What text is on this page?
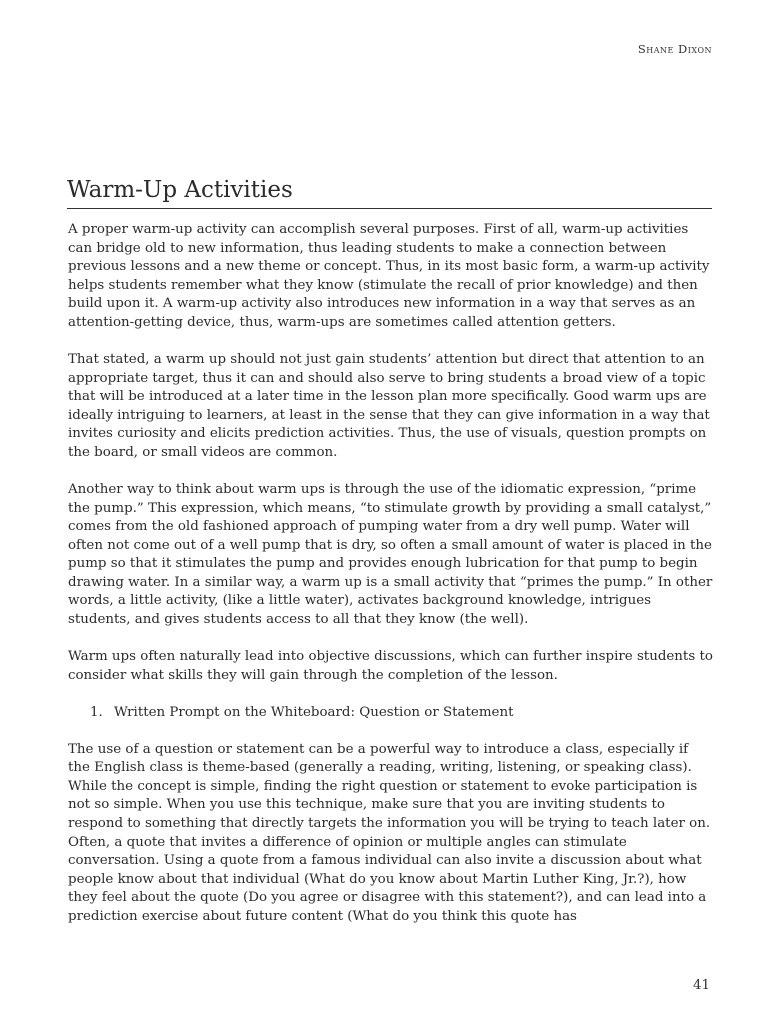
Shane Dixon
Warm-Up Activities

A proper warm-up activity can accomplish several purposes. First of all, warm-up activities can bridge old to new information, thus leading students to make a connection between previous lessons and a new theme or concept. Thus, in its most basic form, a warm-up activity helps students remember what they know (stimulate the recall of prior knowledge) and then build upon it. A warm-up activity also introduces new information in a way that serves as an attention-getting device, thus, warm-ups are sometimes called attention getters.

That stated, a warm up should not just gain students’ attention but direct that attention to an appropriate target, thus it can and should also serve to bring students a broad view of a topic that will be introduced at a later time in the lesson plan more specifically. Good warm ups are ideally intriguing to learners, at least in the sense that they can give information in a way that invites curiosity and elicits prediction activities. Thus, the use of visuals, question prompts on the board, or small videos are common.

Another way to think about warm ups is through the use of the idiomatic expression, “prime the pump.” This expression, which means, “to stimulate growth by providing a small catalyst,” comes from the old fashioned approach of pumping water from a dry well pump. Water will often not come out of a well pump that is dry, so often a small amount of water is placed in the pump so that it stimulates the pump and provides enough lubrication for that pump to begin drawing water. In a similar way, a warm up is a small activity that “primes the pump.” In other words, a little activity, (like a little water), activates background knowledge, intrigues students, and gives students access to all that they know (the well).

Warm ups often naturally lead into objective discussions, which can further inspire students to consider what skills they will gain through the completion of the lesson.

1. Written Prompt on the Whiteboard: Question or Statement

The use of a question or statement can be a powerful way to introduce a class, especially if the English class is theme-based (generally a reading, writing, listening, or speaking class). While the concept is simple, finding the right question or statement to evoke participation is not so simple. When you use this technique, make sure that you are inviting students to respond to something that directly targets the information you will be trying to teach later on. Often, a quote that invites a difference of opinion or multiple angles can stimulate conversation. Using a quote from a famous individual can also invite a discussion about what people know about that individual (What do you know about Martin Luther King, Jr.?), how they feel about the quote (Do you agree or disagree with this statement?), and can lead into a prediction exercise about future content (What do you think this quote has

41
